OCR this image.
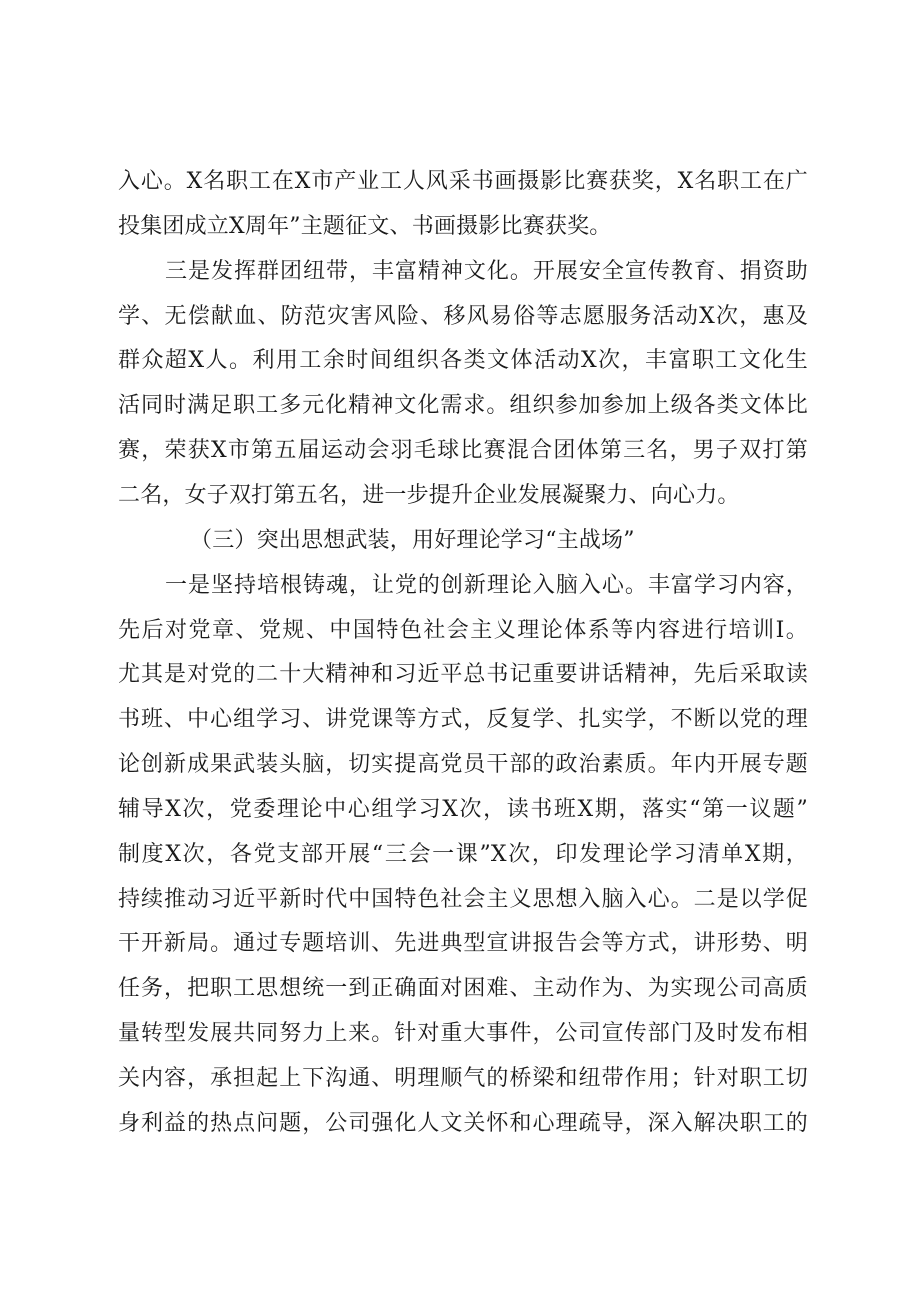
入心。X名职工在X市产业工人风采书画摄影比赛获奖，X名职工在广
投集团成立X周年”主题征文、书画摄影比赛获奖。
三是发挥群团纽带，丰富精神文化。开展安全宣传教育、捐资助
学、无偿献血、防范灾害风险、移风易俗等志愿服务活动X次，惠及
群众超X人。利用工余时间组织各类文体活动X次，丰富职工文化生
活同时满足职工多元化精神文化需求。组织参加参加上级各类文体比
赛，荣获X市第五届运动会羽毛球比赛混合团体第三名，男子双打第
二名，女子双打第五名，进一步提升企业发展凝聚力、向心力。
（三）突出思想武装，用好理论学习“主战场”
一是坚持培根铸魂，让党的创新理论入脑入心。丰富学习内容，
先后对党章、党规、中国特色社会主义理论体系等内容进行培训I。
尤其是对党的二十大精神和习近平总书记重要讲话精神，先后采取读
书班、中心组学习、讲党课等方式，反复学、扎实学，不断以党的理
论创新成果武装头脑，切实提高党员干部的政治素质。年内开展专题
辅导X次，党委理论中心组学习X次，读书班X期，落实“第一议题”
制度X次，各党支部开展“三会一课”X次，印发理论学习清单X期，
持续推动习近平新时代中国特色社会主义思想入脑入心。二是以学促
干开新局。通过专题培训、先进典型宣讲报告会等方式，讲形势、明
任务，把职工思想统一到正确面对困难、主动作为、为实现公司高质
量转型发展共同努力上来。针对重大事件，公司宣传部门及时发布相
关内容，承担起上下沟通、明理顺气的桥梁和纽带作用；针对职工切
身利益的热点问题，公司强化人文关怀和心理疏导，深入解决职工的
